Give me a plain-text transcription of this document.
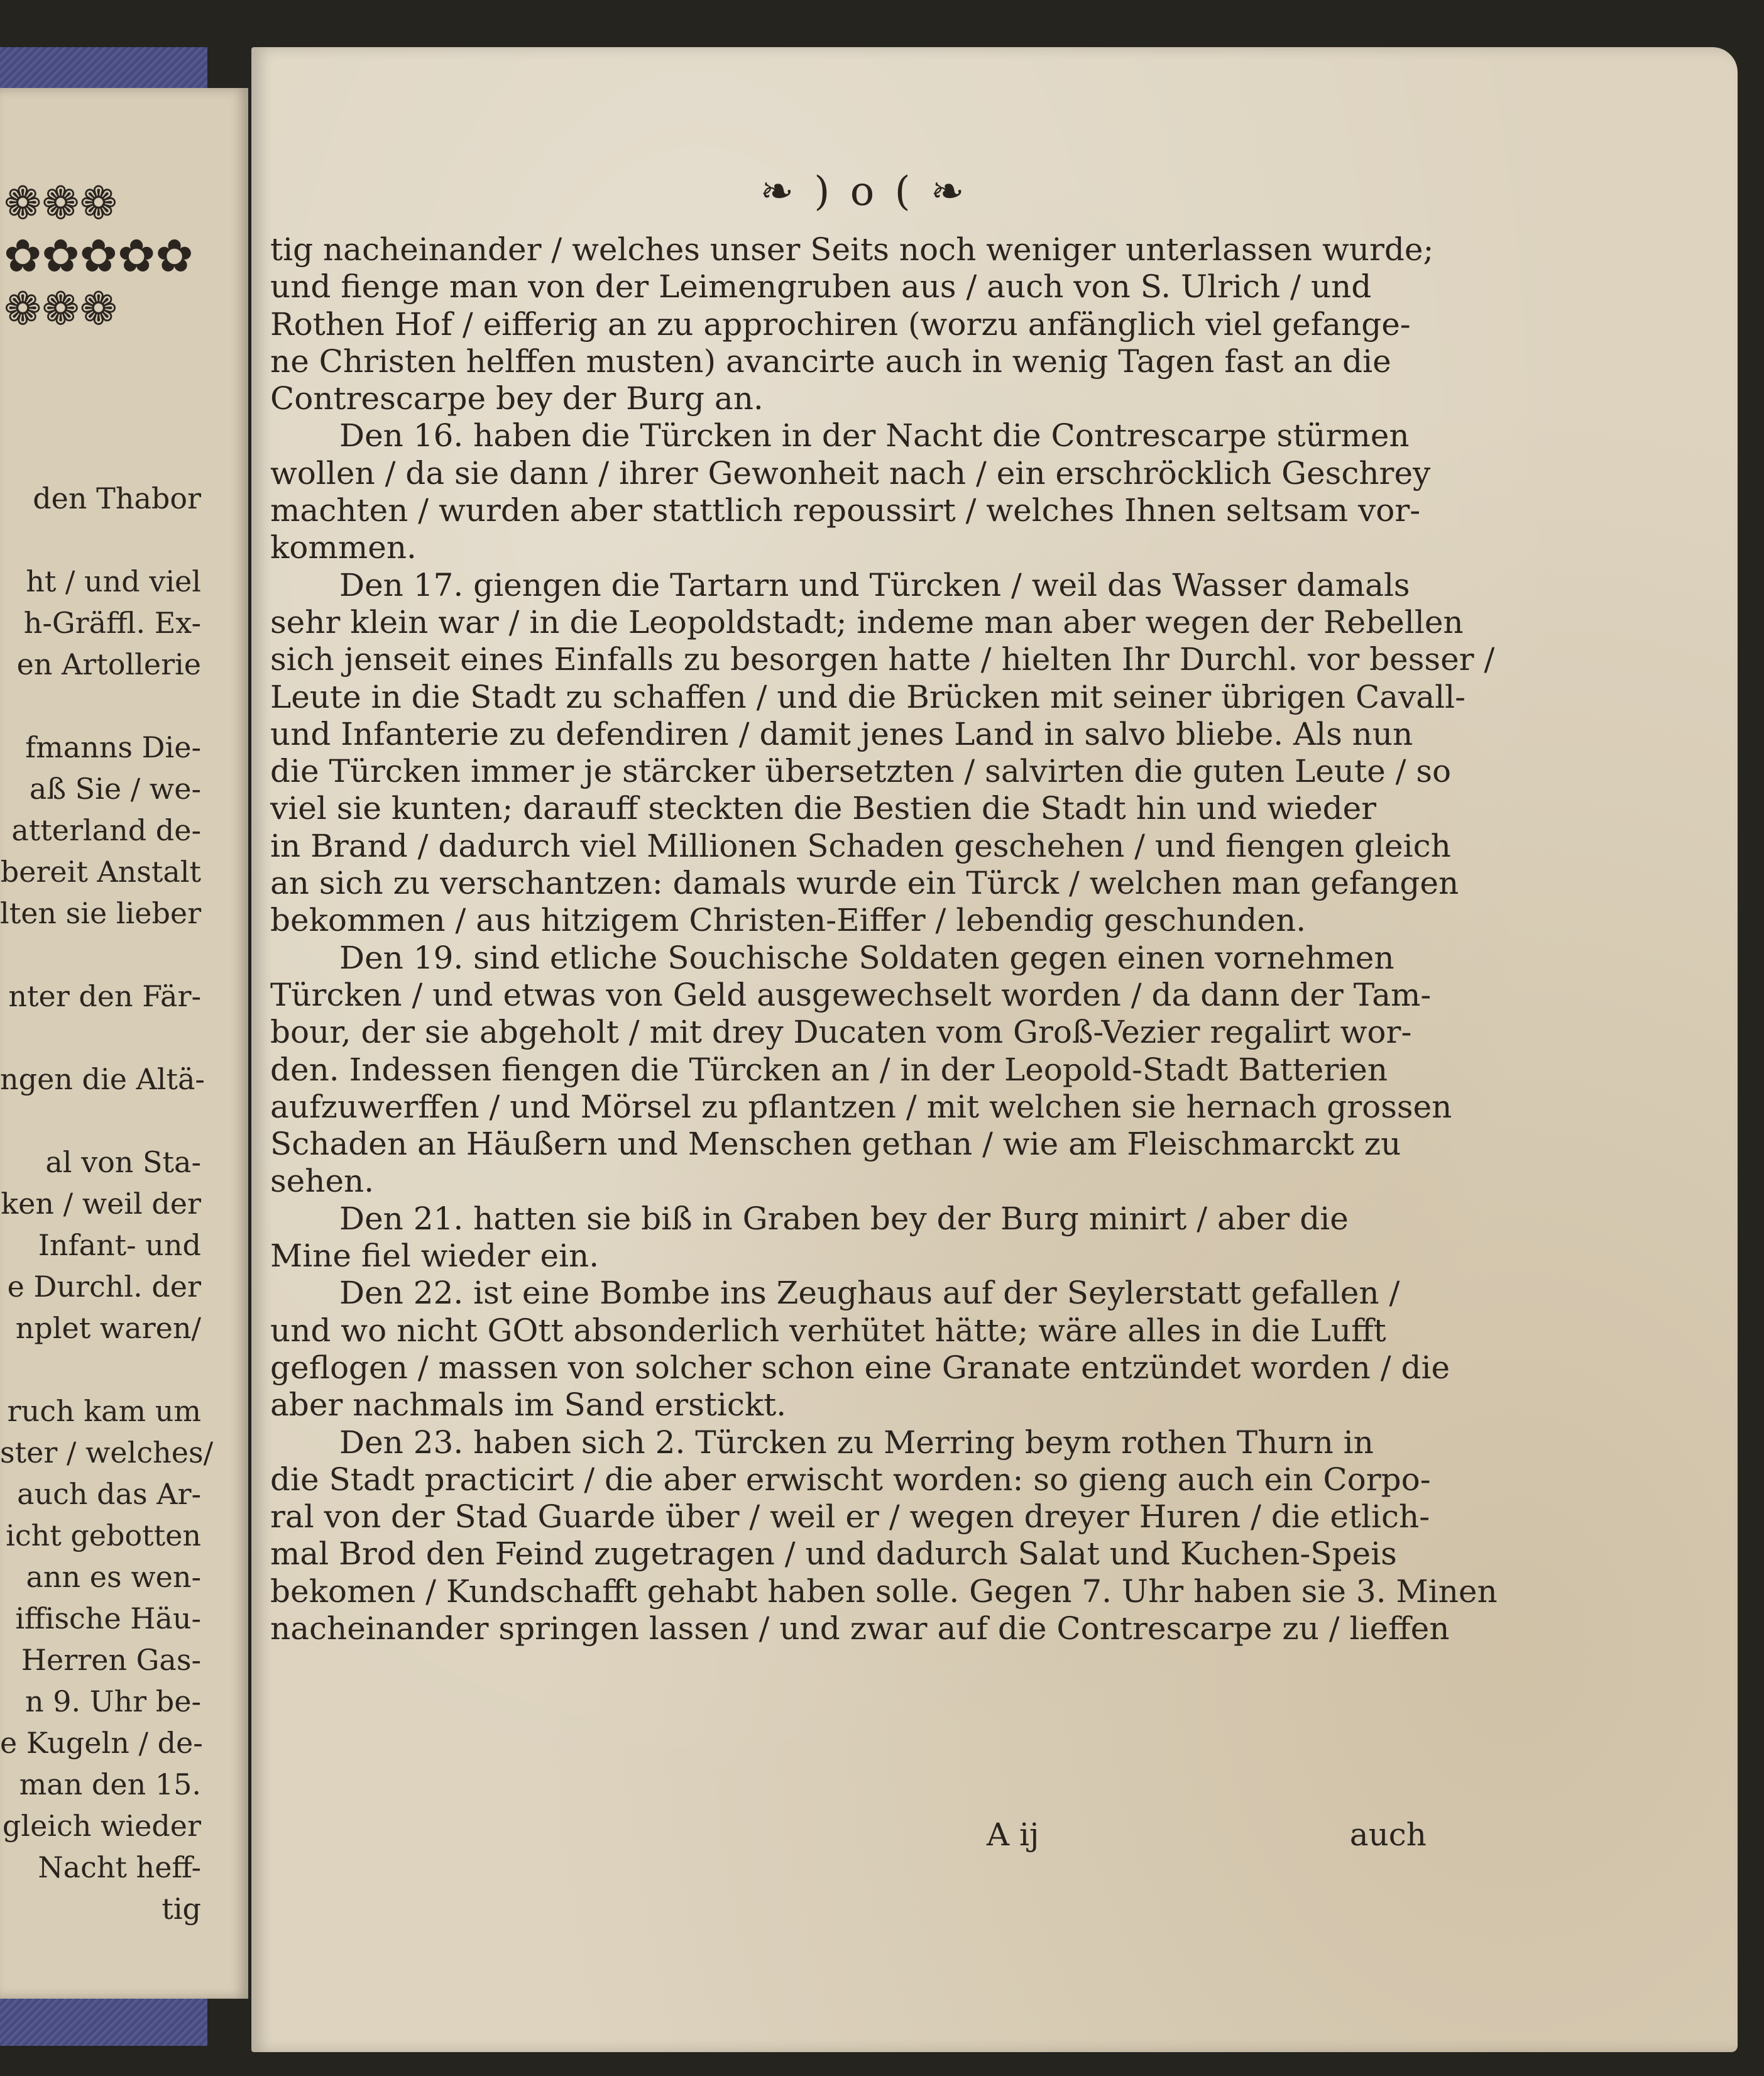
❁❁❁
✿✿✿✿✿
❁❁❁
den Thabor
ht / und viel
h-Gräffl. Ex-
en Artollerie
fmanns Die-
aß Sie / we-
atterland de-
bereit Anstalt
lten sie lieber
nter den Fär-
ngen die Altä-
al von Sta-
ken / weil der
Infant- und
e Durchl. der
nplet waren/
ruch kam um
ster / welches/
auch das Ar-
icht gebotten
ann es wen-
iffische Häu-
Herren Gas-
n 9. Uhr be-
e Kugeln / de-
man den 15.
gleich wieder
Nacht heff-
tig
❧ ) o ( ❧
tig nacheinander / welches unser Seits noch weniger unterlassen wurde;
und fienge man von der Leimengruben aus / auch von S. Ulrich / und
Rothen Hof / eifferig an zu approchiren (worzu anfänglich viel gefange-
ne Christen helffen musten) avancirte auch in wenig Tagen fast an die
Contrescarpe bey der Burg an.
Den 16. haben die Türcken in der Nacht die Contrescarpe stürmen
wollen / da sie dann / ihrer Gewonheit nach / ein erschröcklich Geschrey
machten / wurden aber stattlich repoussirt / welches Ihnen seltsam vor-
kommen.
Den 17. giengen die Tartarn und Türcken / weil das Wasser damals
sehr klein war / in die Leopoldstadt; indeme man aber wegen der Rebellen
sich jenseit eines Einfalls zu besorgen hatte / hielten Ihr Durchl. vor besser /
Leute in die Stadt zu schaffen / und die Brücken mit seiner übrigen Cavall-
und Infanterie zu defendiren / damit jenes Land in salvo bliebe. Als nun
die Türcken immer je stärcker übersetzten / salvirten die guten Leute / so
viel sie kunten; darauff steckten die Bestien die Stadt hin und wieder
in Brand / dadurch viel Millionen Schaden geschehen / und fiengen gleich
an sich zu verschantzen: damals wurde ein Türck / welchen man gefangen
bekommen / aus hitzigem Christen-Eiffer / lebendig geschunden.
Den 19. sind etliche Souchische Soldaten gegen einen vornehmen
Türcken / und etwas von Geld ausgewechselt worden / da dann der Tam-
bour, der sie abgeholt / mit drey Ducaten vom Groß-Vezier regalirt wor-
den. Indessen fiengen die Türcken an / in der Leopold-Stadt Batterien
aufzuwerffen / und Mörsel zu pflantzen / mit welchen sie hernach grossen
Schaden an Häußern und Menschen gethan / wie am Fleischmarckt zu
sehen.
Den 21. hatten sie biß in Graben bey der Burg minirt / aber die
Mine fiel wieder ein.
Den 22. ist eine Bombe ins Zeughaus auf der Seylerstatt gefallen /
und wo nicht GOtt absonderlich verhütet hätte; wäre alles in die Lufft
geflogen / massen von solcher schon eine Granate entzündet worden / die
aber nachmals im Sand erstickt.
Den 23. haben sich 2. Türcken zu Merring beym rothen Thurn in
die Stadt practicirt / die aber erwischt worden: so gieng auch ein Corpo-
ral von der Stad Guarde über / weil er / wegen dreyer Huren / die etlich-
mal Brod den Feind zugetragen / und dadurch Salat und Kuchen-Speis
bekomen / Kundschafft gehabt haben solle. Gegen 7. Uhr haben sie 3. Minen
nacheinander springen lassen / und zwar auf die Contrescarpe zu / lieffen
A ij	auch
